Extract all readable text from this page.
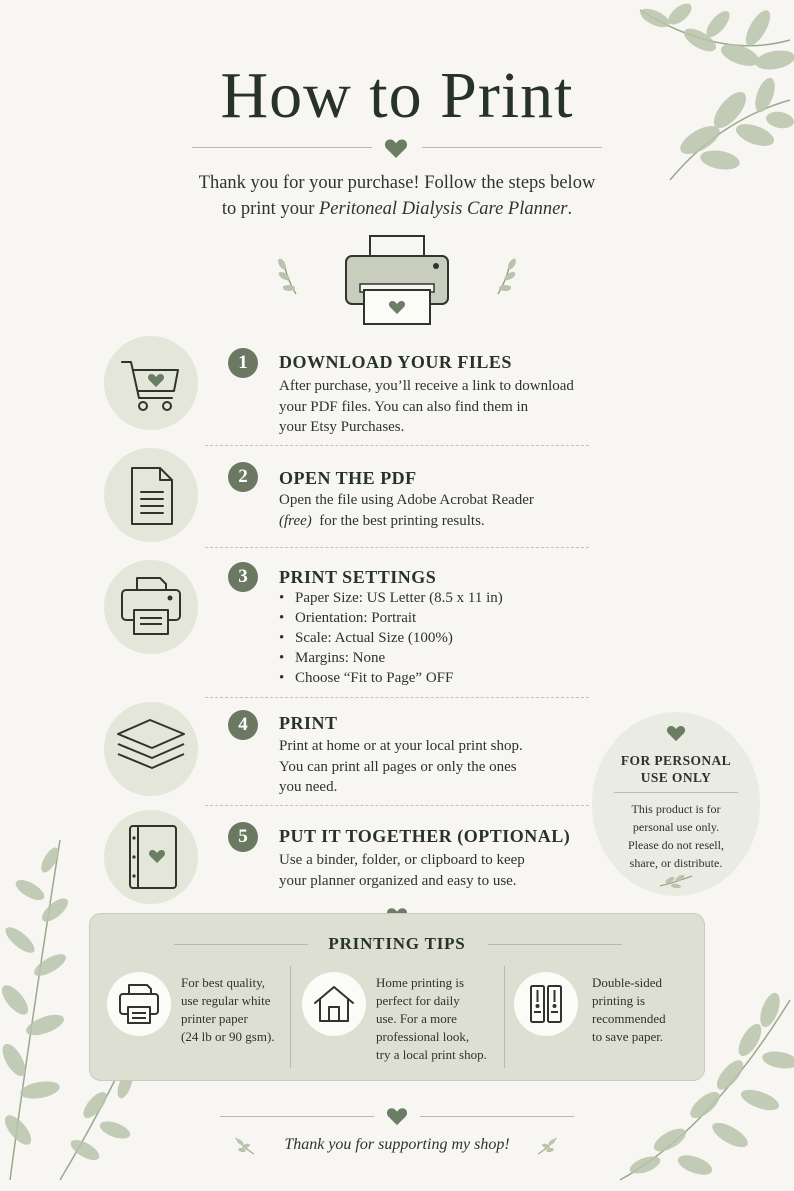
How to Print
Thank you for your purchase! Follow the steps below
to print your Peritoneal Dialysis Care Planner.
1	DOWNLOAD YOUR FILES
After purchase, you’ll receive a link to download
your PDF files. You can also find them in
your Etsy Purchases.
2	OPEN THE PDF
Open the file using Adobe Acrobat Reader
(free)  for the best printing results.
3	PRINT SETTINGS
• Paper Size: US Letter (8.5 x 11 in)
• Orientation: Portrait
• Scale: Actual Size (100%)
• Margins: None
• Choose “Fit to Page” OFF
4	PRINT
Print at home or at your local print shop.
You can print all pages or only the ones
you need.
5	PUT IT TOGETHER (OPTIONAL)
Use a binder, folder, or clipboard to keep
your planner organized and easy to use.
FOR PERSONAL
USE ONLY
This product is for
personal use only.
Please do not resell,
share, or distribute.
PRINTING TIPS
For best quality,
use regular white
printer paper
(24 lb or 90 gsm).
Home printing is
perfect for daily
use. For a more
professional look,
try a local print shop.
Double-sided
printing is
recommended
to save paper.
Thank you for supporting my shop!
